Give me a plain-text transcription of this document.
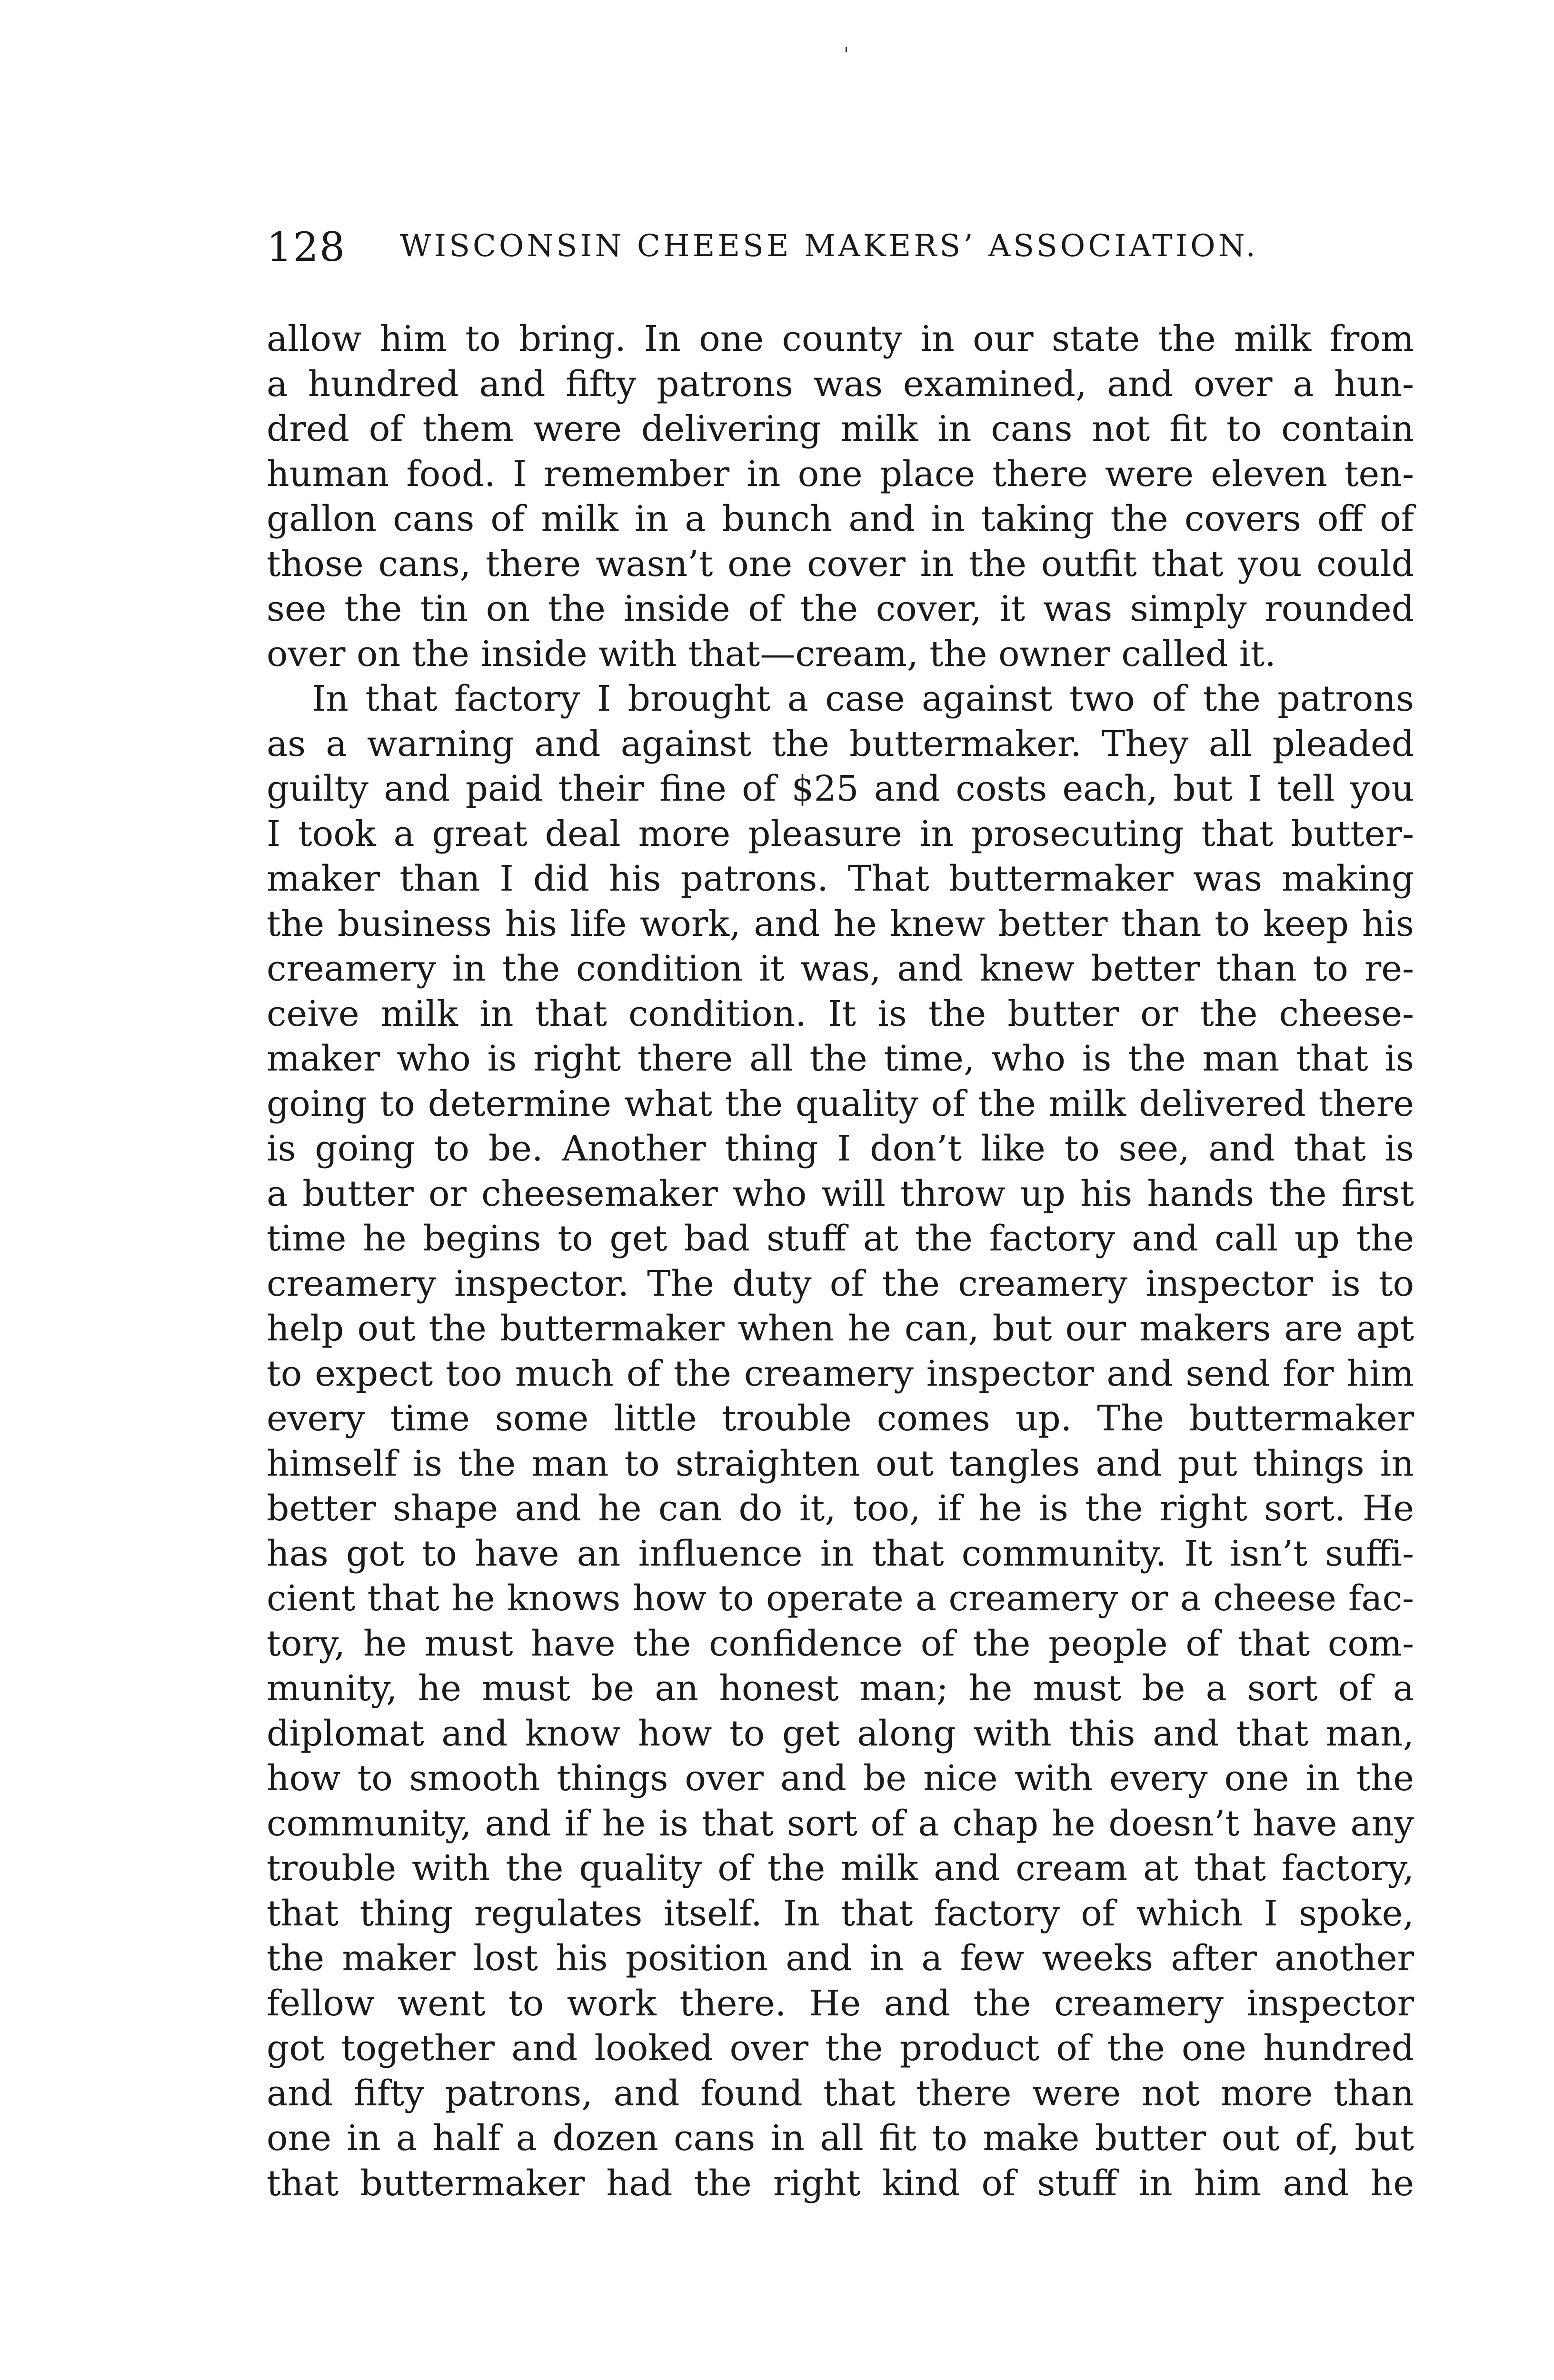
'
128 WISCONSIN CHEESE MAKERS’ ASSOCIATION.
allow him to bring. In one county in our state the milk from
a hundred and fifty patrons was examined, and over a hun-
dred of them were delivering milk in cans not fit to contain
human food. I remember in one place there were eleven ten-
gallon cans of milk in a bunch and in taking the covers off of
those cans, there wasn’t one cover in the outfit that you could
see the tin on the inside of the cover, it was simply rounded
over on the inside with that—cream, the owner called it.
In that factory I brought a case against two of the patrons
as a warning and against the buttermaker. They all pleaded
guilty and paid their fine of $25 and costs each, but I tell you
I took a great deal more pleasure in prosecuting that butter-
maker than I did his patrons. That buttermaker was making
the business his life work, and he knew better than to keep his
creamery in the condition it was, and knew better than to re-
ceive milk in that condition. It is the butter or the cheese-
maker who is right there all the time, who is the man that is
going to determine what the quality of the milk delivered there
is going to be. Another thing I don’t like to see, and that is
a butter or cheesemaker who will throw up his hands the first
time he begins to get bad stuff at the factory and call up the
creamery inspector. The duty of the creamery inspector is to
help out the buttermaker when he can, but our makers are apt
to expect too much of the creamery inspector and send for him
every time some little trouble comes up. The buttermaker
himself is the man to straighten out tangles and put things in
better shape and he can do it, too, if he is the right sort. He
has got to have an influence in that community. It isn’t suffi-
cient that he knows how to operate a creamery or a cheese fac-
tory, he must have the confidence of the people of that com-
munity, he must be an honest man; he must be a sort of a
diplomat and know how to get along with this and that man,
how to smooth things over and be nice with every one in the
community, and if he is that sort of a chap he doesn’t have any
trouble with the quality of the milk and cream at that factory,
that thing regulates itself. In that factory of which I spoke,
the maker lost his position and in a few weeks after another
fellow went to work there. He and the creamery inspector
got together and looked over the product of the one hundred
and fifty patrons, and found that there were not more than
one in a half a dozen cans in all fit to make butter out of, but
that buttermaker had the right kind of stuff in him and he
